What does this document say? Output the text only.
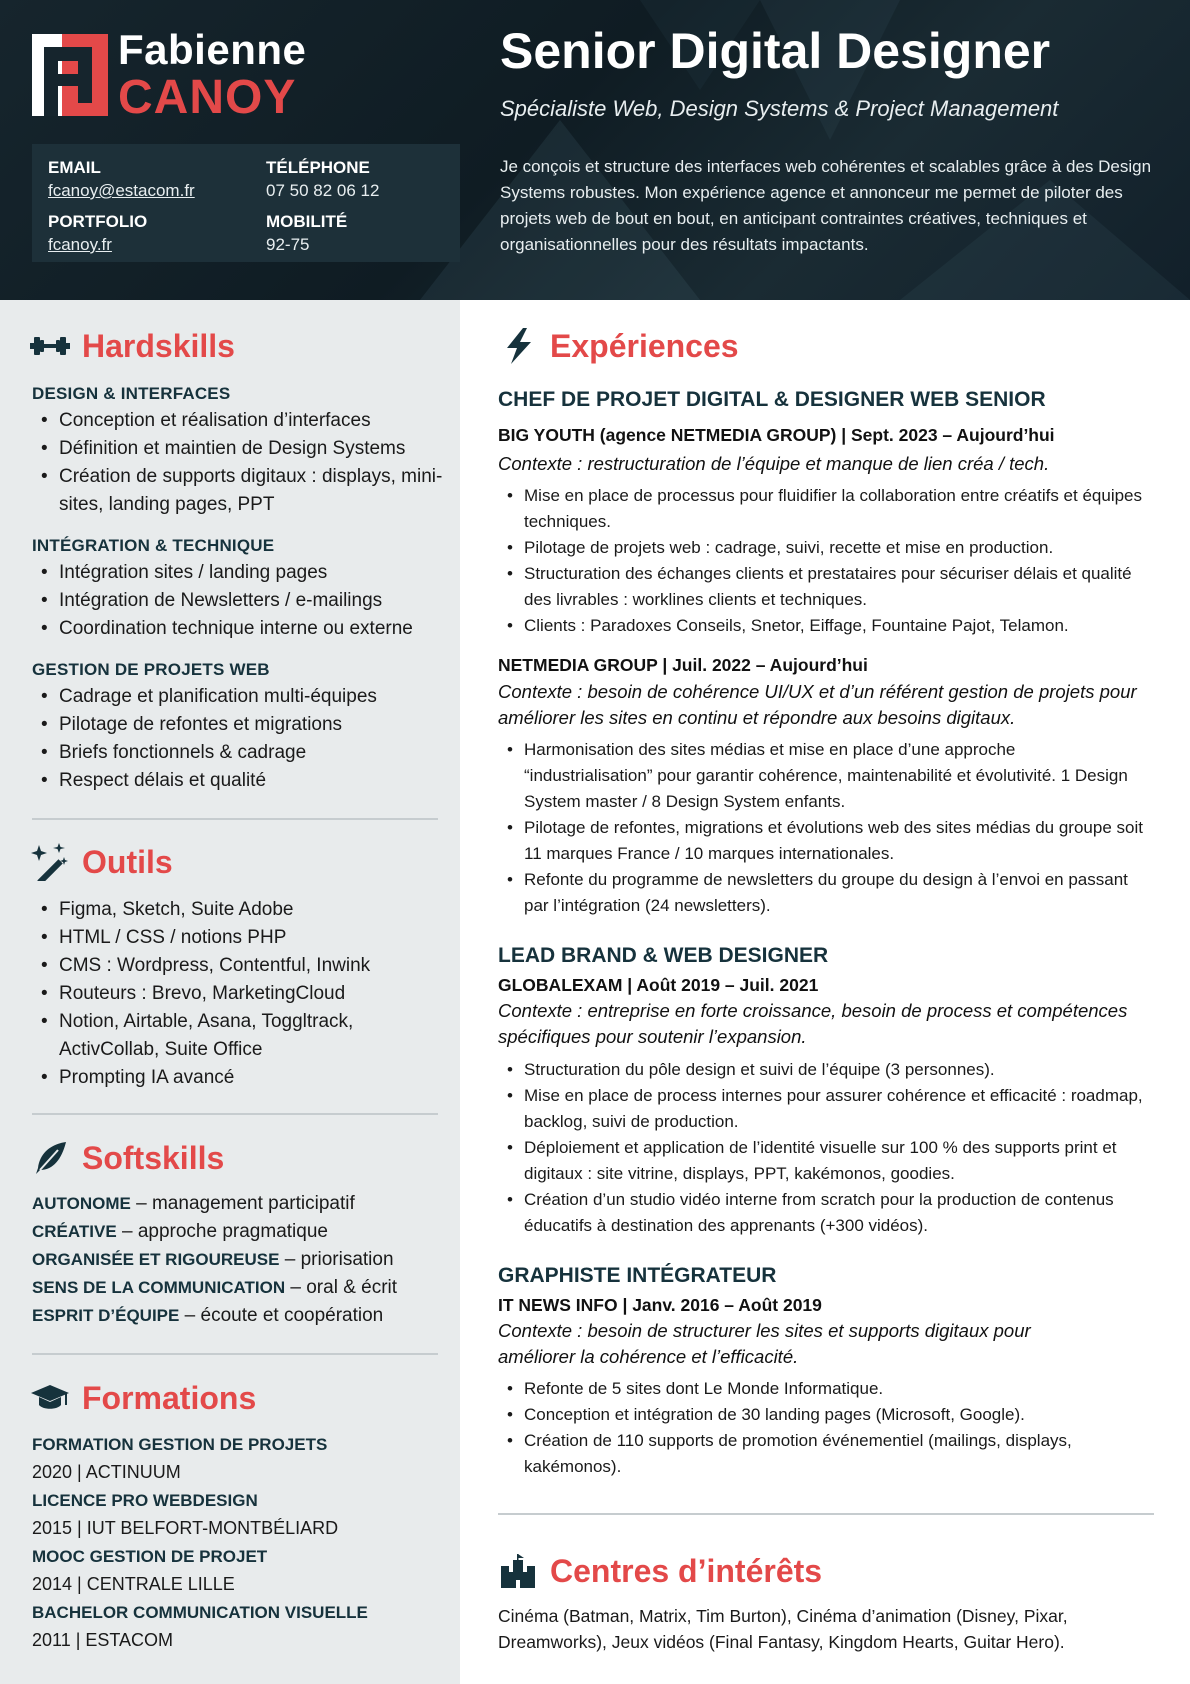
Fabienne
CANOY
EMAIL
fcanoy@estacom.fr
TÉLÉPHONE
07 50 82 06 12
PORTFOLIO
fcanoy.fr
MOBILITÉ
92-75
Senior Digital Designer
Spécialiste Web, Design Systems & Project Management
Je conçois et structure des interfaces web cohérentes et scalables grâce à des Design Systems robustes. Mon expérience agence et annonceur me permet de piloter des projets web de bout en bout, en anticipant contraintes créatives, techniques et organisationnelles pour des résultats impactants.
Hardskills
DESIGN & INTERFACES
• Conception et réalisation d’interfaces
• Définition et maintien de Design Systems
• Création de supports digitaux : displays, mini-sites, landing pages, PPT
INTÉGRATION & TECHNIQUE
• Intégration sites / landing pages
• Intégration de Newsletters / e-mailings
• Coordination technique interne ou externe
GESTION DE PROJETS WEB
• Cadrage et planification multi-équipes
• Pilotage de refontes et migrations
• Briefs fonctionnels & cadrage
• Respect délais et qualité
Outils
• Figma, Sketch, Suite Adobe
• HTML / CSS / notions PHP
• CMS : Wordpress, Contentful, Inwink
• Routeurs : Brevo, MarketingCloud
• Notion, Airtable, Asana, Toggltrack, ActivCollab, Suite Office
• Prompting IA avancé
Softskills
AUTONOME – management participatif
CRÉATIVE – approche pragmatique
ORGANISÉE ET RIGOUREUSE – priorisation
SENS DE LA COMMUNICATION – oral & écrit
ESPRIT D’ÉQUIPE – écoute et coopération
Formations
FORMATION GESTION DE PROJETS
2020 | ACTINUUM
LICENCE PRO WEBDESIGN
2015 | IUT BELFORT-MONTBÉLIARD
MOOC GESTION DE PROJET
2014 | CENTRALE LILLE
BACHELOR COMMUNICATION VISUELLE
2011 | ESTACOM
Expériences
CHEF DE PROJET DIGITAL & DESIGNER WEB SENIOR
BIG YOUTH (agence NETMEDIA GROUP) | Sept. 2023 – Aujourd’hui
Contexte : restructuration de l’équipe et manque de lien créa / tech.
• Mise en place de processus pour fluidifier la collaboration entre créatifs et équipes techniques.
• Pilotage de projets web : cadrage, suivi, recette et mise en production.
• Structuration des échanges clients et prestataires pour sécuriser délais et qualité des livrables : worklines clients et techniques.
• Clients : Paradoxes Conseils, Snetor, Eiffage, Fountaine Pajot, Telamon.
NETMEDIA GROUP | Juil. 2022 – Aujourd’hui
Contexte : besoin de cohérence UI/UX et d’un référent gestion de projets pour améliorer les sites en continu et répondre aux besoins digitaux.
• Harmonisation des sites médias et mise en place d’une approche “industrialisation” pour garantir cohérence, maintenabilité et évolutivité. 1 Design System master / 8 Design System enfants.
• Pilotage de refontes, migrations et évolutions web des sites médias du groupe soit 11 marques France / 10 marques internationales.
• Refonte du programme de newsletters du groupe du design à l’envoi en passant par l’intégration (24 newsletters).
LEAD BRAND & WEB DESIGNER
GLOBALEXAM | Août 2019 – Juil. 2021
Contexte : entreprise en forte croissance, besoin de process et compétences spécifiques pour soutenir l’expansion.
• Structuration du pôle design et suivi de l’équipe (3 personnes).
• Mise en place de process internes pour assurer cohérence et efficacité : roadmap, backlog, suivi de production.
• Déploiement et application de l’identité visuelle sur 100 % des supports print et digitaux : site vitrine, displays, PPT, kakémonos, goodies.
• Création d’un studio vidéo interne from scratch pour la production de contenus éducatifs à destination des apprenants (+300 vidéos).
GRAPHISTE INTÉGRATEUR
IT NEWS INFO | Janv. 2016 – Août 2019
Contexte : besoin de structurer les sites et supports digitaux pour améliorer la cohérence et l’efficacité.
• Refonte de 5 sites dont Le Monde Informatique.
• Conception et intégration de 30 landing pages (Microsoft, Google).
• Création de 110 supports de promotion événementiel (mailings, displays, kakémonos).
Centres d’intérêts
Cinéma (Batman, Matrix, Tim Burton), Cinéma d’animation (Disney, Pixar, Dreamworks), Jeux vidéos (Final Fantasy, Kingdom Hearts, Guitar Hero).
